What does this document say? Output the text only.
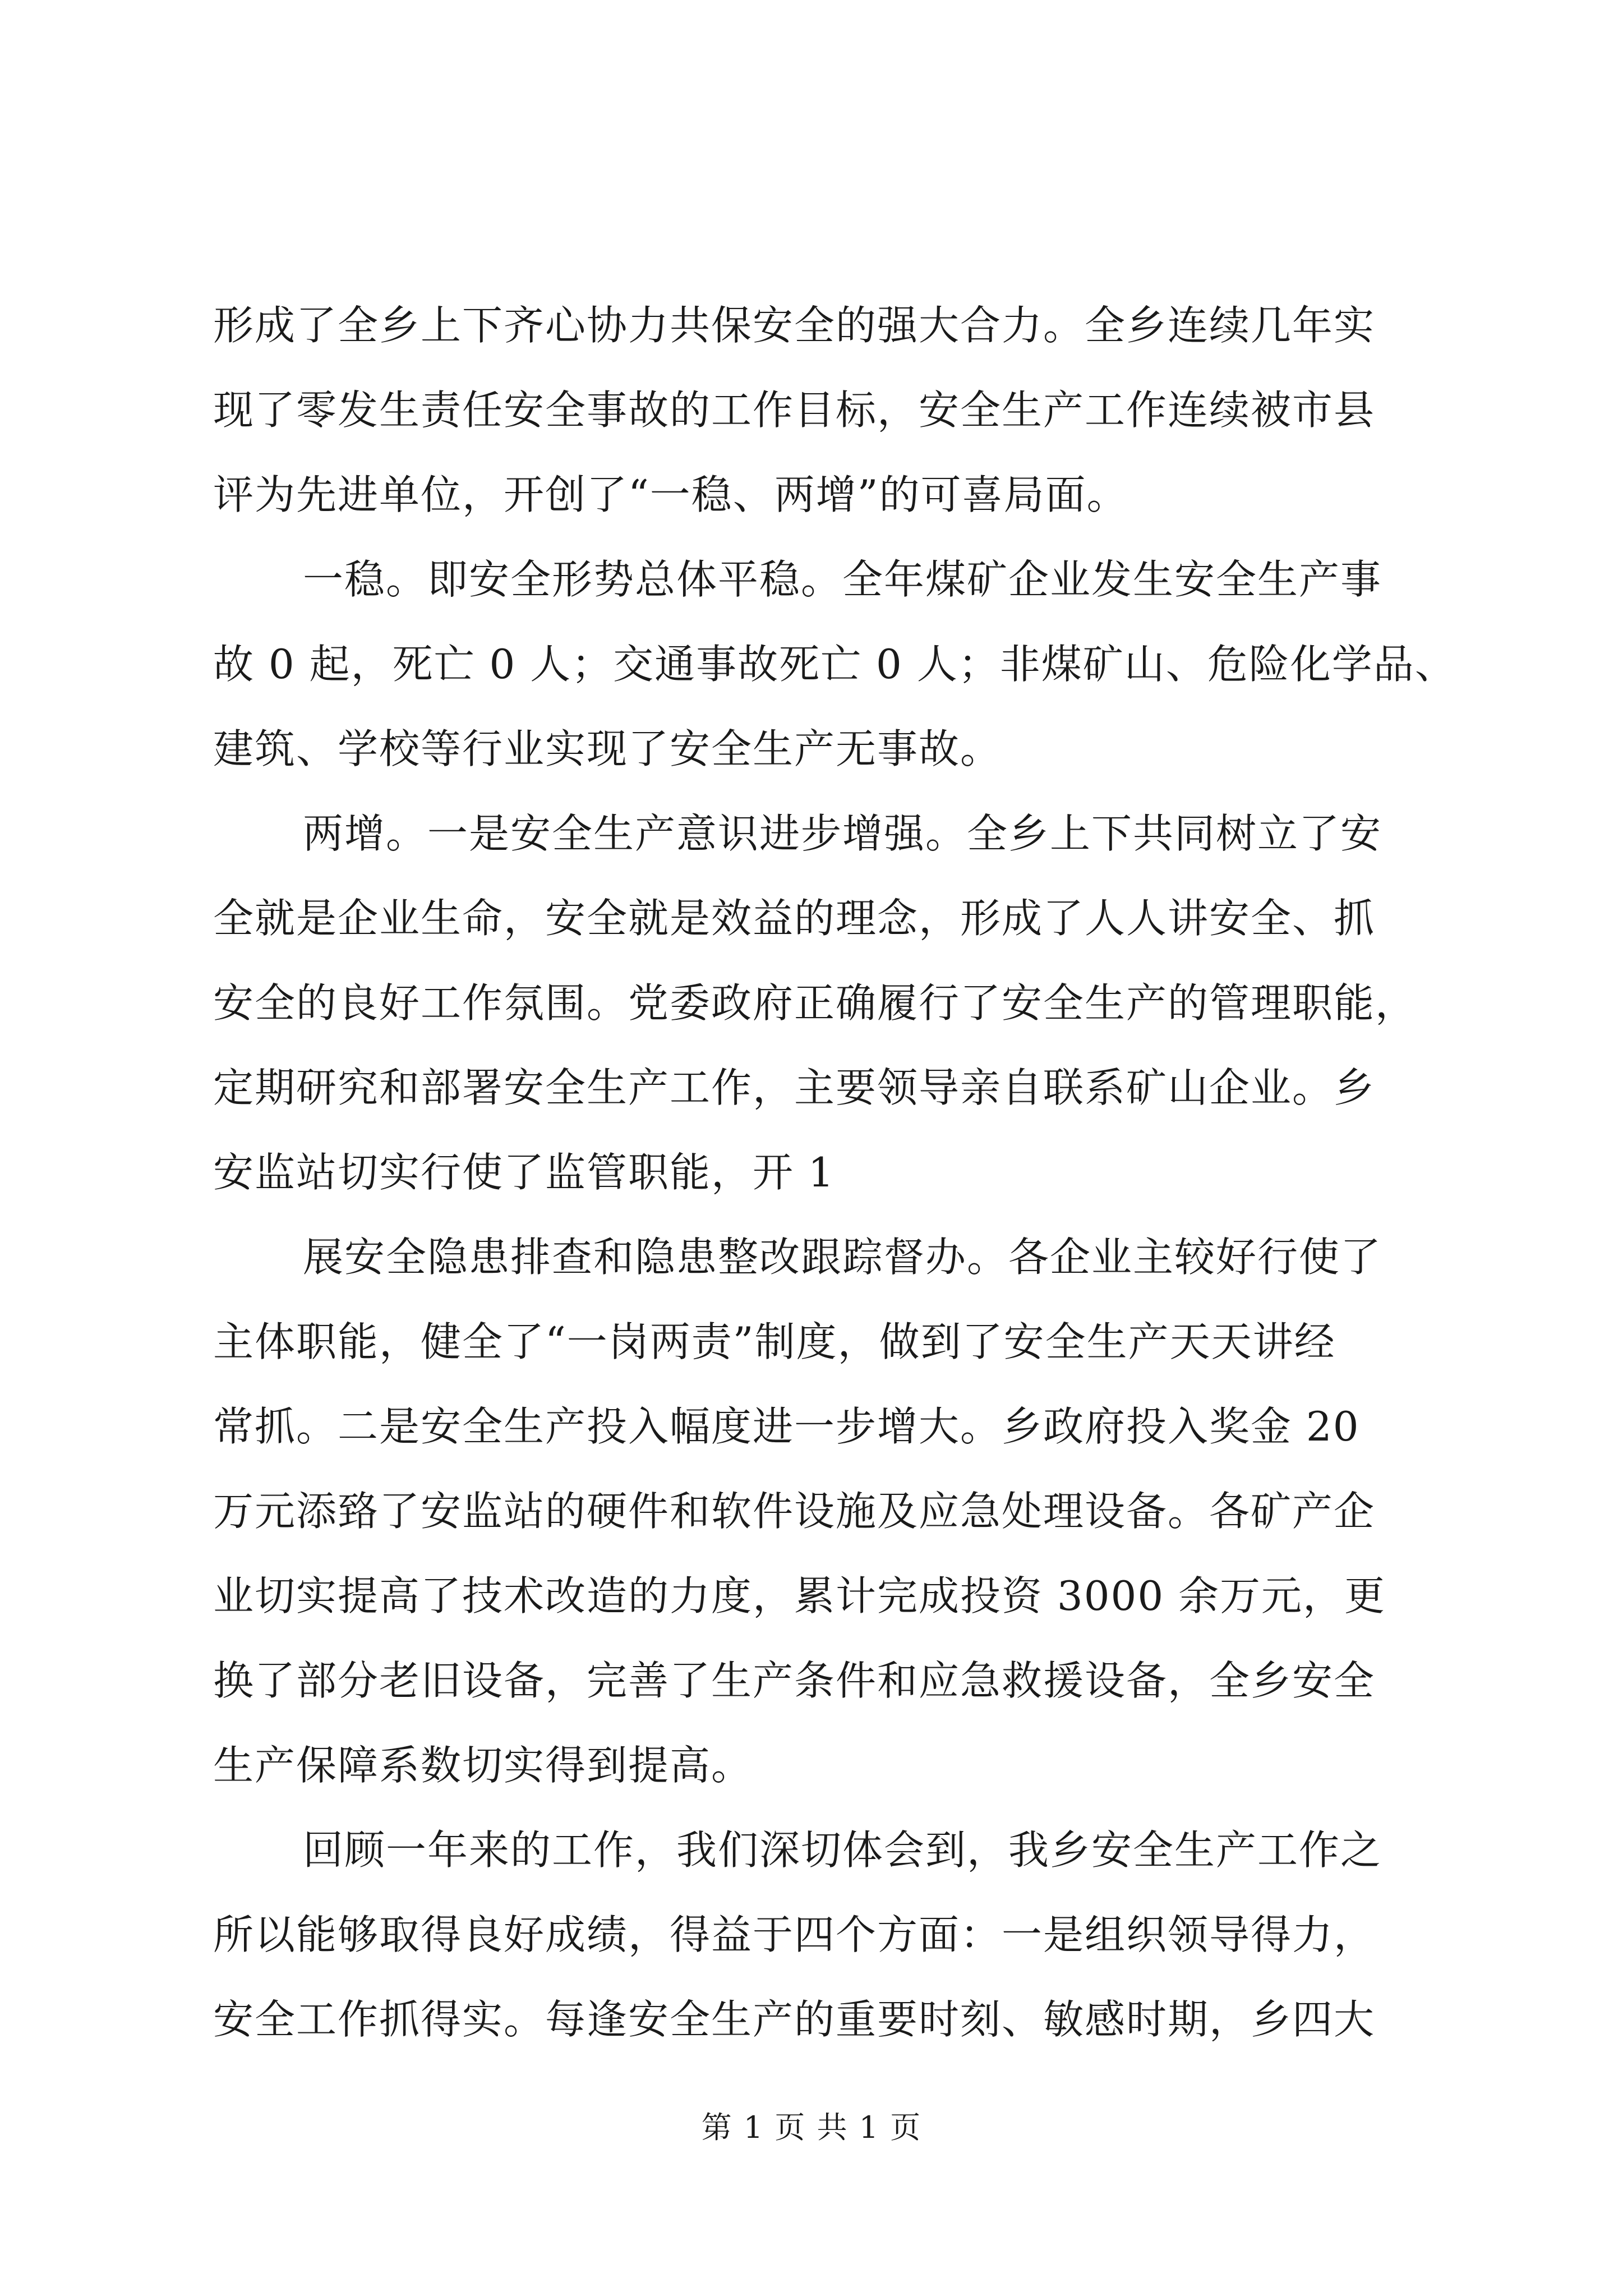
形成了全乡上下齐心协力共保安全的强大合力。全乡连续几年实
现了零发生责任安全事故的工作目标，安全生产工作连续被市县
评为先进单位，开创了“一稳、两增”的可喜局面。
一稳。即安全形势总体平稳。全年煤矿企业发生安全生产事
故 0 起，死亡 0 人；交通事故死亡 0 人；非煤矿山、危险化学品、
建筑、学校等行业实现了安全生产无事故。
两增。一是安全生产意识进步增强。全乡上下共同树立了安
全就是企业生命，安全就是效益的理念，形成了人人讲安全、抓
安全的良好工作氛围。党委政府正确履行了安全生产的管理职能，
定期研究和部署安全生产工作，主要领导亲自联系矿山企业。乡
安监站切实行使了监管职能，开 1
展安全隐患排查和隐患整改跟踪督办。各企业主较好行使了
主体职能，健全了“一岗两责”制度，做到了安全生产天天讲经
常抓。二是安全生产投入幅度进一步增大。乡政府投入奖金 20
万元添臵了安监站的硬件和软件设施及应急处理设备。各矿产企
业切实提高了技术改造的力度，累计完成投资 3000 余万元，更
换了部分老旧设备，完善了生产条件和应急救援设备，全乡安全
生产保障系数切实得到提高。
回顾一年来的工作，我们深切体会到，我乡安全生产工作之
所以能够取得良好成绩，得益于四个方面：一是组织领导得力，
安全工作抓得实。每逢安全生产的重要时刻、敏感时期，乡四大
第 1 页 共 1 页
